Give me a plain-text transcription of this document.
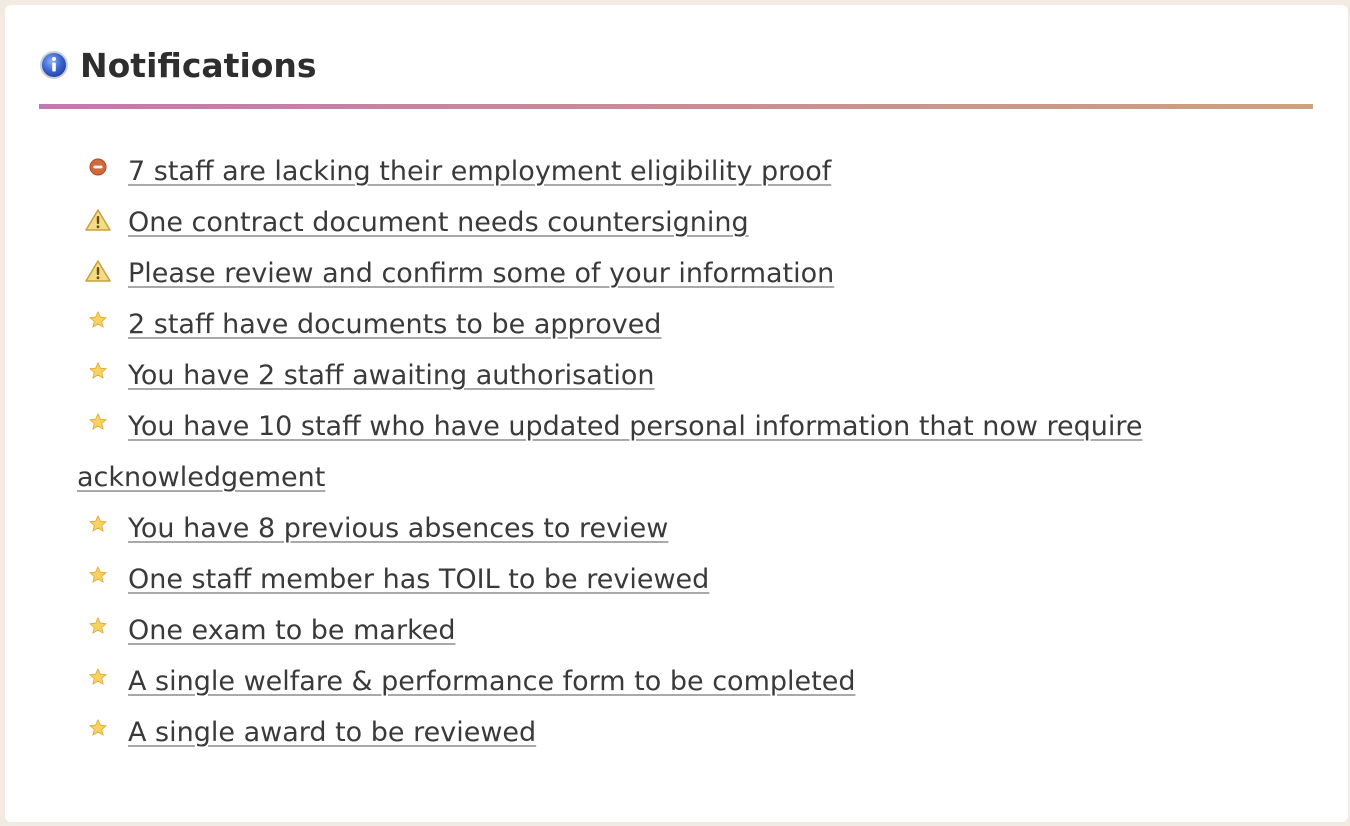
Notifications
7 staff are lacking their employment eligibility proof
One contract document needs countersigning
Please review and confirm some of your information
2 staff have documents to be approved
You have 2 staff awaiting authorisation
You have 10 staff who have updated personal information that now require acknowledgement
You have 8 previous absences to review
One staff member has TOIL to be reviewed
One exam to be marked
A single welfare & performance form to be completed
A single award to be reviewed
